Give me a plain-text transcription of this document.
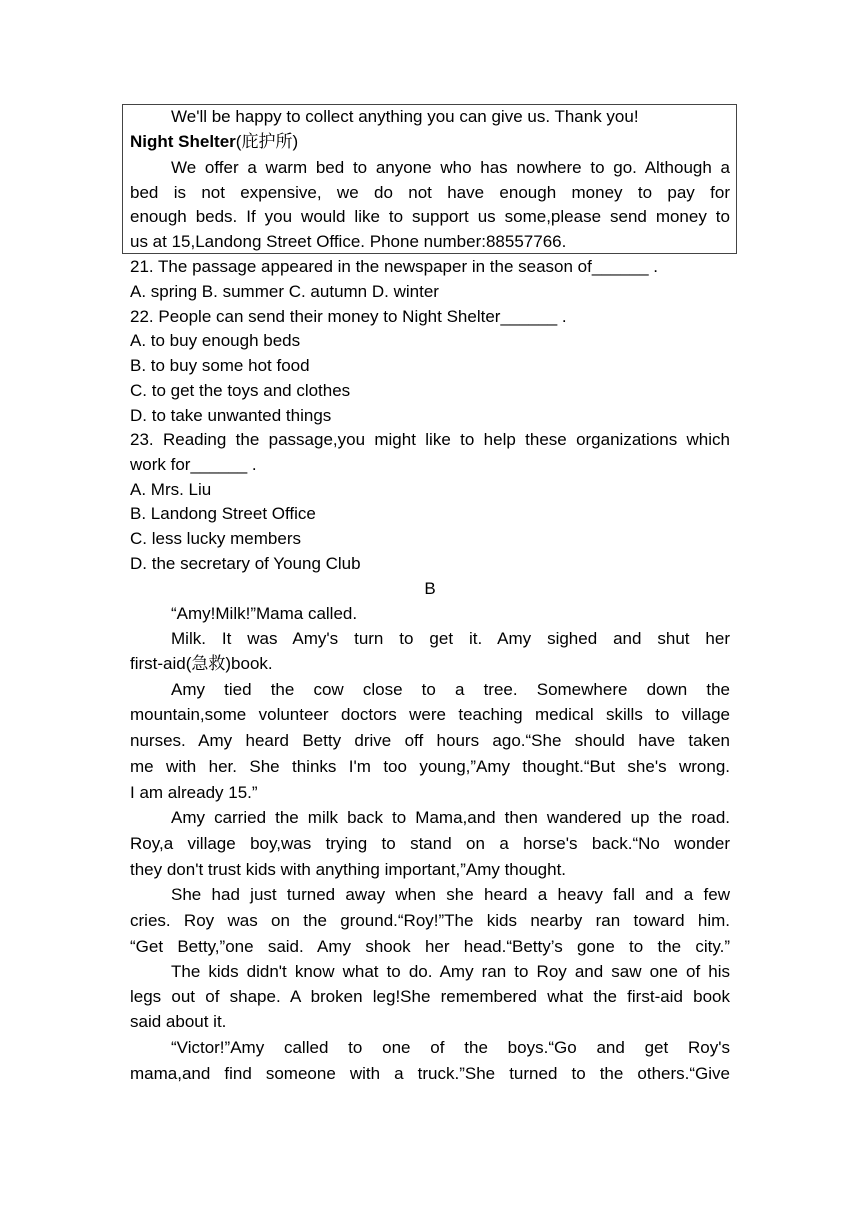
We'll be happy to collect anything you can give us. Thank you!
Night Shelter(庇护所)
We offer a warm bed to anyone who has nowhere to go. Although a
bed is not expensive, we do not have enough money to pay for
enough beds. If you would like to support us some,please send money to
us at 15,Landong Street Office. Phone number:88557766.
21. The passage appeared in the newspaper in the season of______ .
A. spring B. summer C. autumn D. winter
22. People can send their money to Night Shelter______ .
A. to buy enough beds
B. to buy some hot food
C. to get the toys and clothes
D. to take unwanted things
23. Reading the passage,you might like to help these organizations which
work for______ .
A. Mrs. Liu
B. Landong Street Office
C. less lucky members
D. the secretary of Young Club
B
“Amy!Milk!”Mama called.
Milk. It was Amy's turn to get it. Amy sighed and shut her
first-aid(急救)book.
Amy tied the cow close to a tree. Somewhere down the
mountain,some volunteer doctors were teaching medical skills to village
nurses. Amy heard Betty drive off hours ago.“She should have taken
me with her. She thinks I'm too young,”Amy thought.“But she's wrong.
I am already 15.”
Amy carried the milk back to Mama,and then wandered up the road.
Roy,a village boy,was trying to stand on a horse's back.“No wonder
they don't trust kids with anything important,”Amy thought.
She had just turned away when she heard a heavy fall and a few
cries. Roy was on the ground.“Roy!”The kids nearby ran toward him.
“Get Betty,”one said. Amy shook her head.“Betty’s gone to the city.”
The kids didn't know what to do. Amy ran to Roy and saw one of his
legs out of shape. A broken leg!She remembered what the first-aid book
said about it.
“Victor!”Amy called to one of the boys.“Go and get Roy's
mama,and find someone with a truck.”She turned to the others.“Give
